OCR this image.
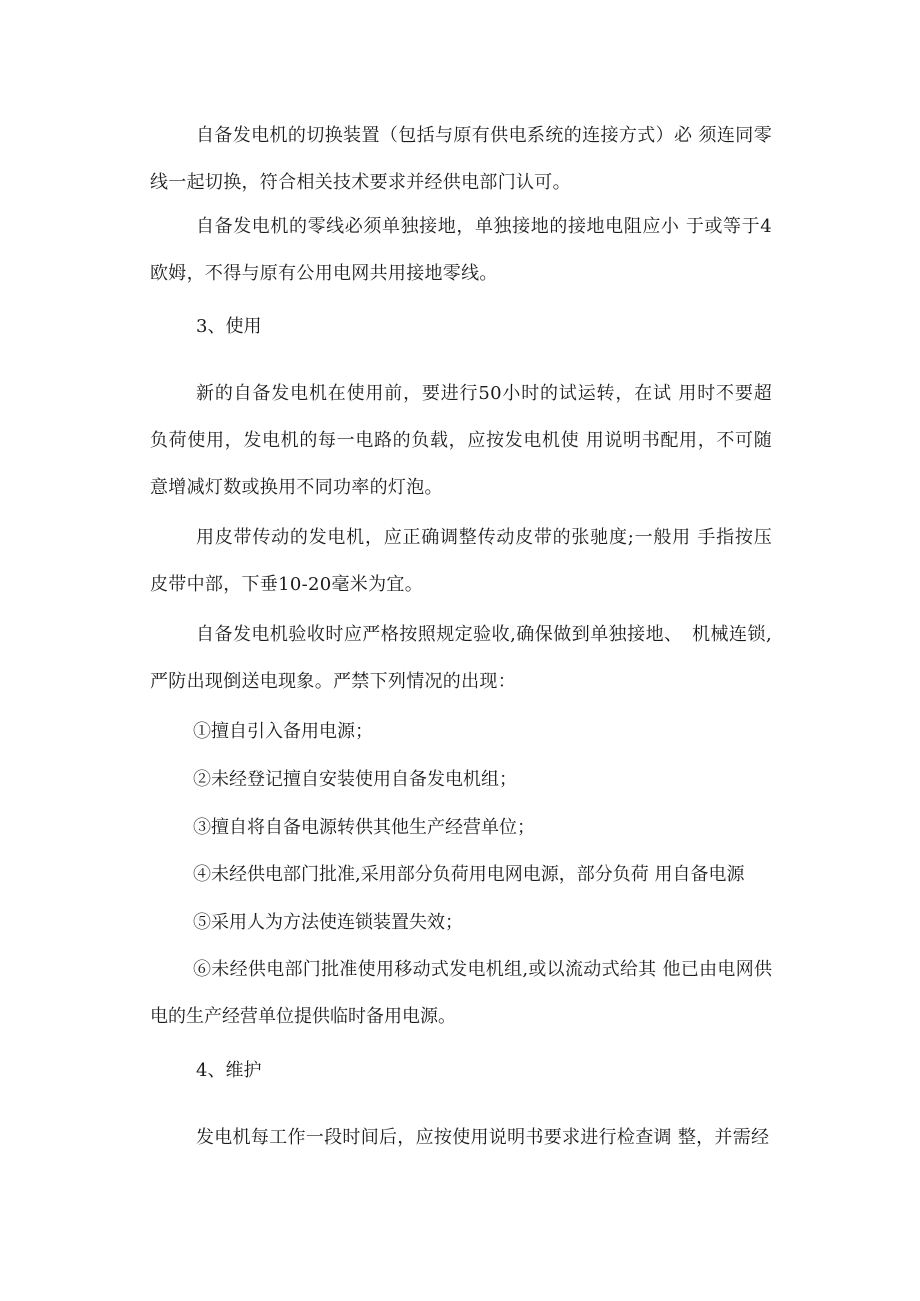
自备发电机的切换装置（包括与原有供电系统的连接方式）必 须连同零线一起切换，符合相关技术要求并经供电部门认可。

自备发电机的零线必须单独接地，单独接地的接地电阻应小 于或等于4欧姆，不得与原有公用电网共用接地零线。

3、使用

新的自备发电机在使用前，要进行50小时的试运转，在试 用时不要超负荷使用，发电机的每一电路的负载，应按发电机使 用说明书配用，不可随意增减灯数或换用不同功率的灯泡。

用皮带传动的发电机，应正确调整传动皮带的张驰度;一般用 手指按压皮带中部，下垂10-20毫米为宜。

自备发电机验收时应严格按照规定验收,确保做到单独接地、　机械连锁,严防出现倒送电现象。严禁下列情况的出现：

①擅自引入备用电源；

②未经登记擅自安装使用自备发电机组；

③擅自将自备电源转供其他生产经营单位；

④未经供电部门批准,采用部分负荷用电网电源，部分负荷 用自备电源

⑤采用人为方法使连锁装置失效；

⑥未经供电部门批准使用移动式发电机组,或以流动式给其 他已由电网供电的生产经营单位提供临时备用电源。

4、维护

发电机每工作一段时间后，应按使用说明书要求进行检查调 整，并需经
